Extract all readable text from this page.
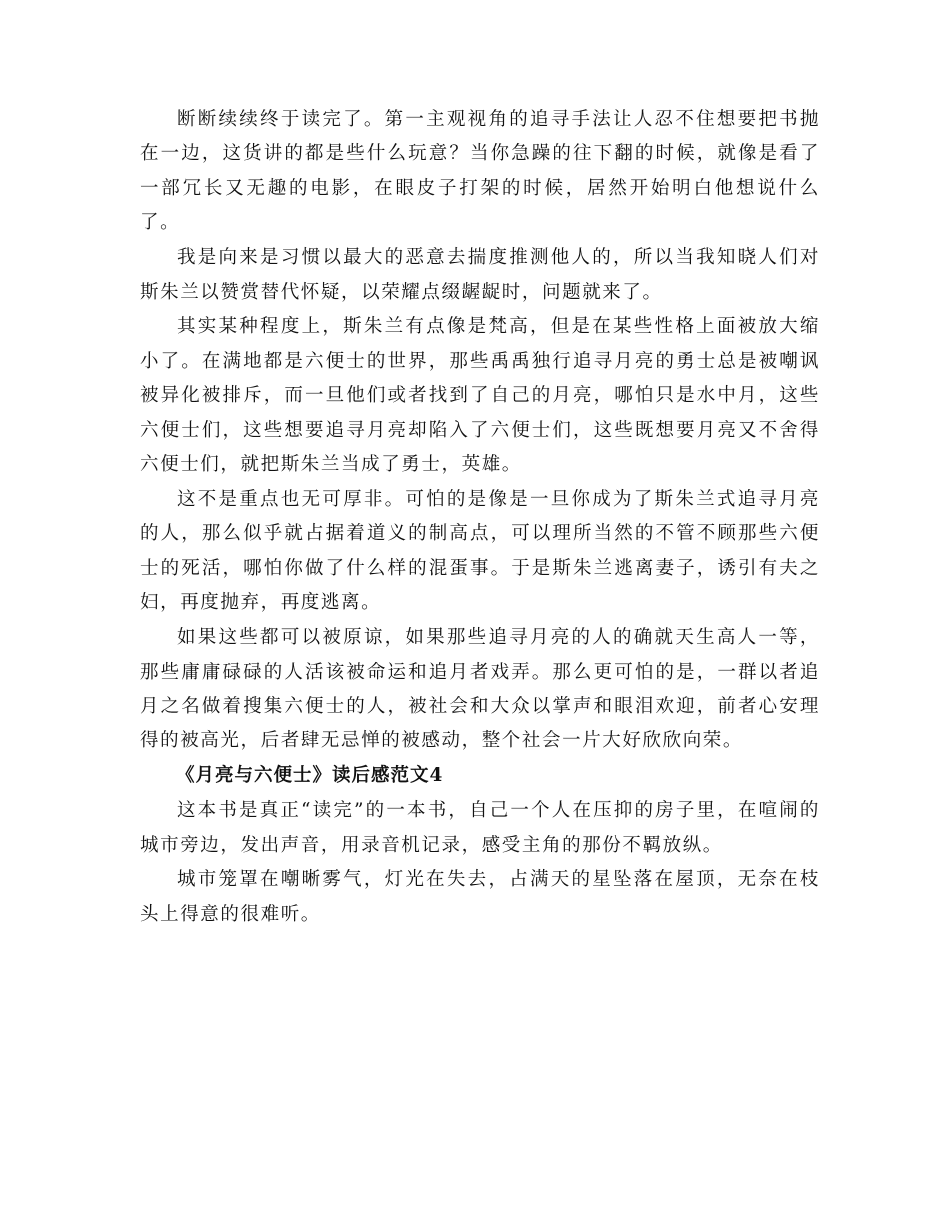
断断续续终于读完了。第一主观视角的追寻手法让人忍不住想要把书抛在一边，这货讲的都是些什么玩意？当你急躁的往下翻的时候，就像是看了一部冗长又无趣的电影，在眼皮子打架的时候，居然开始明白他想说什么了。

我是向来是习惯以最大的恶意去揣度推测他人的，所以当我知晓人们对斯朱兰以赞赏替代怀疑，以荣耀点缀龌龊时，问题就来了。

其实某种程度上，斯朱兰有点像是梵高，但是在某些性格上面被放大缩小了。在满地都是六便士的世界，那些禹禹独行追寻月亮的勇士总是被嘲讽被异化被排斥，而一旦他们或者找到了自己的月亮，哪怕只是水中月，这些六便士们，这些想要追寻月亮却陷入了六便士们，这些既想要月亮又不舍得六便士们，就把斯朱兰当成了勇士，英雄。

这不是重点也无可厚非。可怕的是像是一旦你成为了斯朱兰式追寻月亮的人，那么似乎就占据着道义的制高点，可以理所当然的不管不顾那些六便士的死活，哪怕你做了什么样的混蛋事。于是斯朱兰逃离妻子，诱引有夫之妇，再度抛弃，再度逃离。

如果这些都可以被原谅，如果那些追寻月亮的人的确就天生高人一等，那些庸庸碌碌的人活该被命运和追月者戏弄。那么更可怕的是，一群以者追月之名做着搜集六便士的人，被社会和大众以掌声和眼泪欢迎，前者心安理得的被高光，后者肆无忌惮的被感动，整个社会一片大好欣欣向荣。

《月亮与六便士》读后感范文4

这本书是真正“读完”的一本书，自己一个人在压抑的房子里，在喧闹的城市旁边，发出声音，用录音机记录，感受主角的那份不羁放纵。

城市笼罩在嘲晰雾气，灯光在失去，占满天的星坠落在屋顶，无奈在枝头上得意的很难听。
